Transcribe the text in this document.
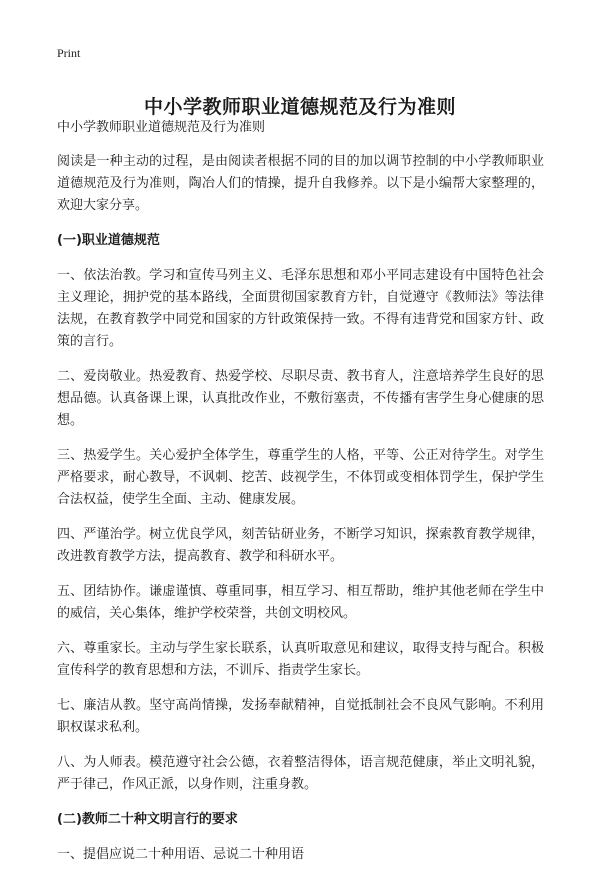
Print
中小学教师职业道德规范及行为准则
中小学教师职业道德规范及行为准则

阅读是一种主动的过程，是由阅读者根据不同的目的加以调节控制的中小学教师职业道德规范及行为准则，陶冶人们的情操，提升自我修养。以下是小编帮大家整理的，欢迎大家分享。

(一)职业道德规范

一、依法治教。学习和宣传马列主义、毛泽东思想和邓小平同志建设有中国特色社会主义理论，拥护党的基本路线，全面贯彻国家教育方针，自觉遵守《教师法》等法律法规，在教育教学中同党和国家的方针政策保持一致。不得有违背党和国家方针、政策的言行。

二、爱岗敬业。热爱教育、热爱学校、尽职尽责、教书育人，注意培养学生良好的思想品德。认真备课上课，认真批改作业，不敷衍塞责，不传播有害学生身心健康的思想。

三、热爱学生。关心爱护全体学生，尊重学生的人格，平等、公正对待学生。对学生严格要求，耐心教导，不讽刺、挖苦、歧视学生，不体罚或变相体罚学生，保护学生合法权益，使学生全面、主动、健康发展。

四、严谨治学。树立优良学风，刻苦钻研业务，不断学习知识，探索教育教学规律，改进教育教学方法，提高教育、教学和科研水平。

五、团结协作。谦虚谨慎、尊重同事，相互学习、相互帮助，维护其他老师在学生中的威信，关心集体，维护学校荣誉，共创文明校风。

六、尊重家长。主动与学生家长联系，认真听取意见和建议，取得支持与配合。积极宣传科学的教育思想和方法，不训斥、指责学生家长。

七、廉洁从教。坚守高尚情操，发扬奉献精神，自觉抵制社会不良风气影响。不利用职权谋求私利。

八、为人师表。模范遵守社会公德，衣着整洁得体，语言规范健康，举止文明礼貌，严于律己，作风正派，以身作则，注重身教。

(二)教师二十种文明言行的要求

一、提倡应说二十种用语、忌说二十种用语
